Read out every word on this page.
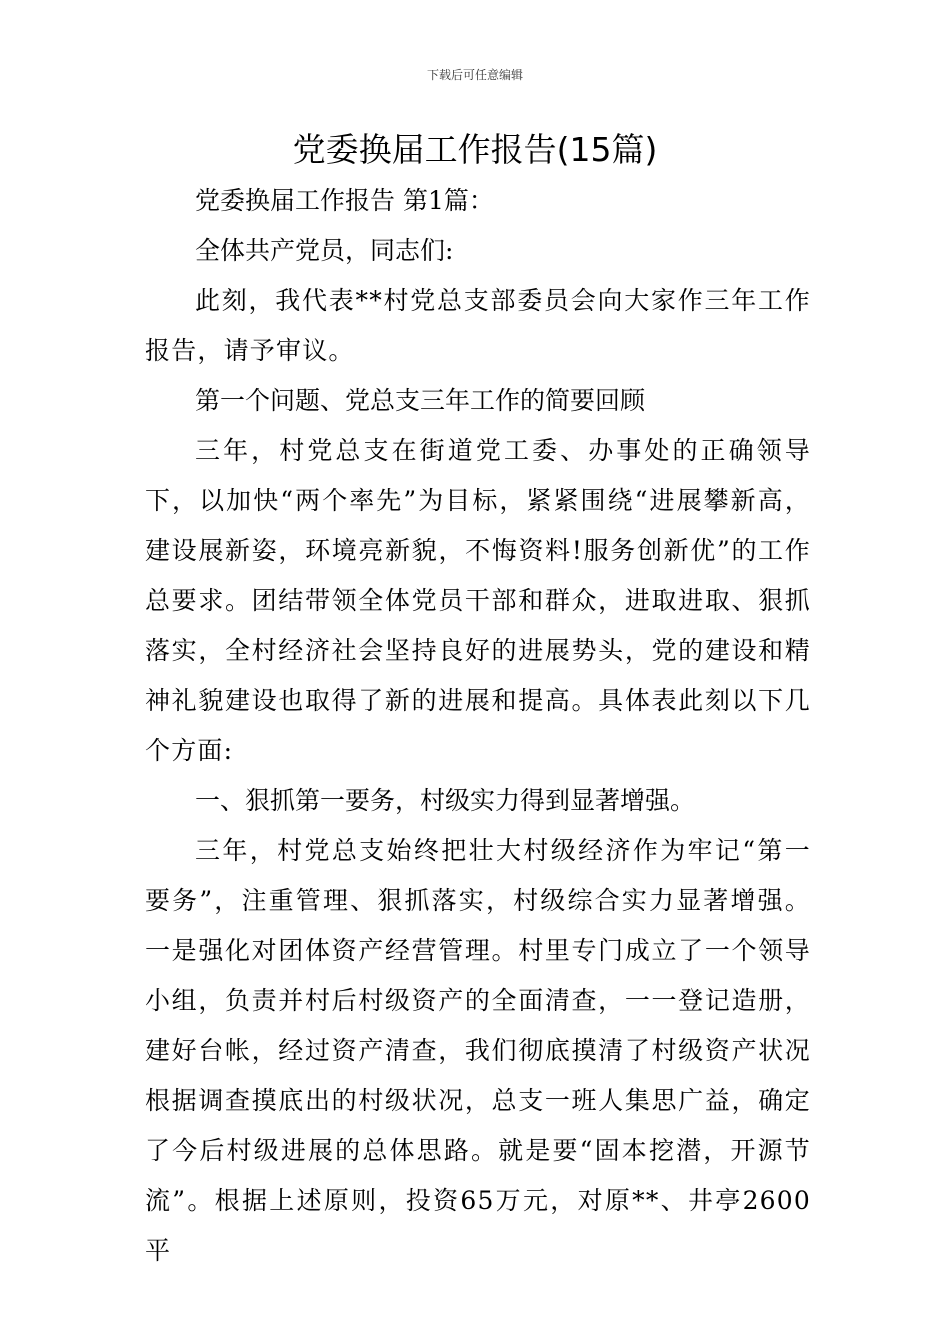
下载后可任意编辑
党委换届工作报告(15篇)

党委换届工作报告 第1篇：

全体共产党员，同志们:

此刻，我代表**村党总支部委员会向大家作三年工作报告，请予审议。

第一个问题、党总支三年工作的简要回顾

三年，村党总支在街道党工委、办事处的正确领导下，以加快“两个率先”为目标，紧紧围绕“进展攀新高，建设展新姿，环境亮新貌，不悔资料!服务创新优”的工作总要求。团结带领全体党员干部和群众，进取进取、狠抓落实，全村经济社会坚持良好的进展势头，党的建设和精神礼貌建设也取得了新的进展和提高。具体表此刻以下几个方面:

一、狠抓第一要务，村级实力得到显著增强。

三年，村党总支始终把壮大村级经济作为牢记“第一要务”，注重管理、狠抓落实，村级综合实力显著增强。一是强化对团体资产经营管理。村里专门成立了一个领导小组，负责并村后村级资产的全面清查，一一登记造册，建好台帐，经过资产清查，我们彻底摸清了村级资产状况根据调查摸底出的村级状况，总支一班人集思广益，确定了今后村级进展的总体思路。就是要“固本挖潜，开源节流”。根据上述原则，投资65万元，对原**、井亭2600平
